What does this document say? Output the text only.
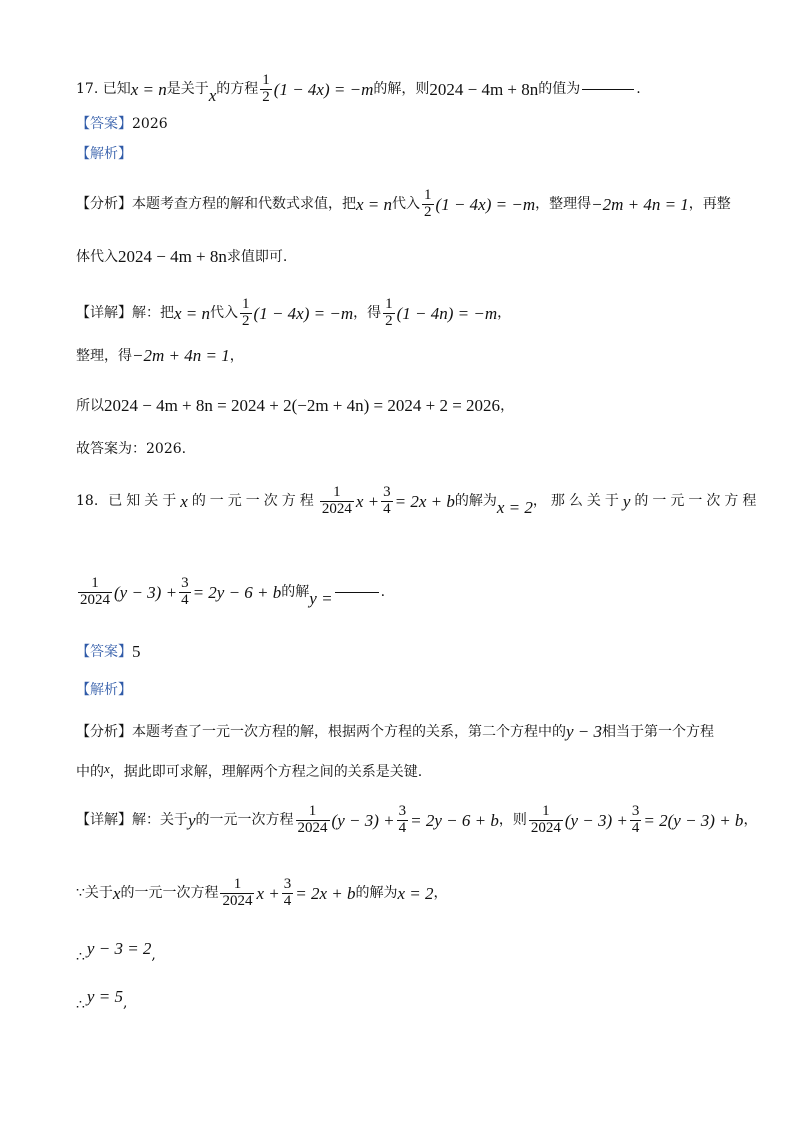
17. 已知 x = n 是关于 x 的方程 $\frac{1}{2} (1 - 4x) = -m$ 的解，则 2024 − 4m + 8n 的值为	.
【答案】 2026
【解析】
【分析】 本题考查方程的解和代数式求值，把 x = n 代入 $\frac{1}{2} (1 - 4x) = -m$ ，整理得 −2m + 4n = 1 ，再整
体代入 2024 − 4m + 8n 求值即可.
【详解】 解：把 x = n 代入 $\frac{1}{2} (1 - 4x) = -m$ ，得 $\frac{1}{2} (1 - 4n) = -m$ ，
整理，得 −2m + 4n = 1 ，
所以 2024 − 4m + 8n = 2024 + 2(−2m + 4n) = 2024 + 2 = 2026 ，
故答案为：2026.
18. 已知关于 x 的一元一次方程 $\frac{1}{2024}$ $x + \frac{3}{4} = 2x + b$ 的解为 x = 2 ，那么关于 y 的一元一次方程
$\frac{1}{2024} (y - 3) + \frac{3}{4} = 2y - 6 + b$ 的解 y =	.
【答案】 5
【解析】
【分析】 本题考查了一元一次方程的解，根据两个方程的关系，第二个方程中的 y − 3 相当于第一个方程
中的 x ，据此即可求解，理解两个方程之间的关系是关键.
【详解】 解：关于 y 的一元一次方程 $\frac{1}{2024} (y - 3) + \frac{3}{4} = 2y - 6 + b$ ，则 $\frac{1}{2024} (y - 3) + \frac{3}{4} = 2(y - 3) + b$ ，
∵ 关于 x 的一元一次方程 $\frac{1}{2024}$ $x + \frac{3}{4} = 2x + b$ 的解为 x = 2 ，
∴ y − 3 = 2 ,
∴ y = 5 ,
